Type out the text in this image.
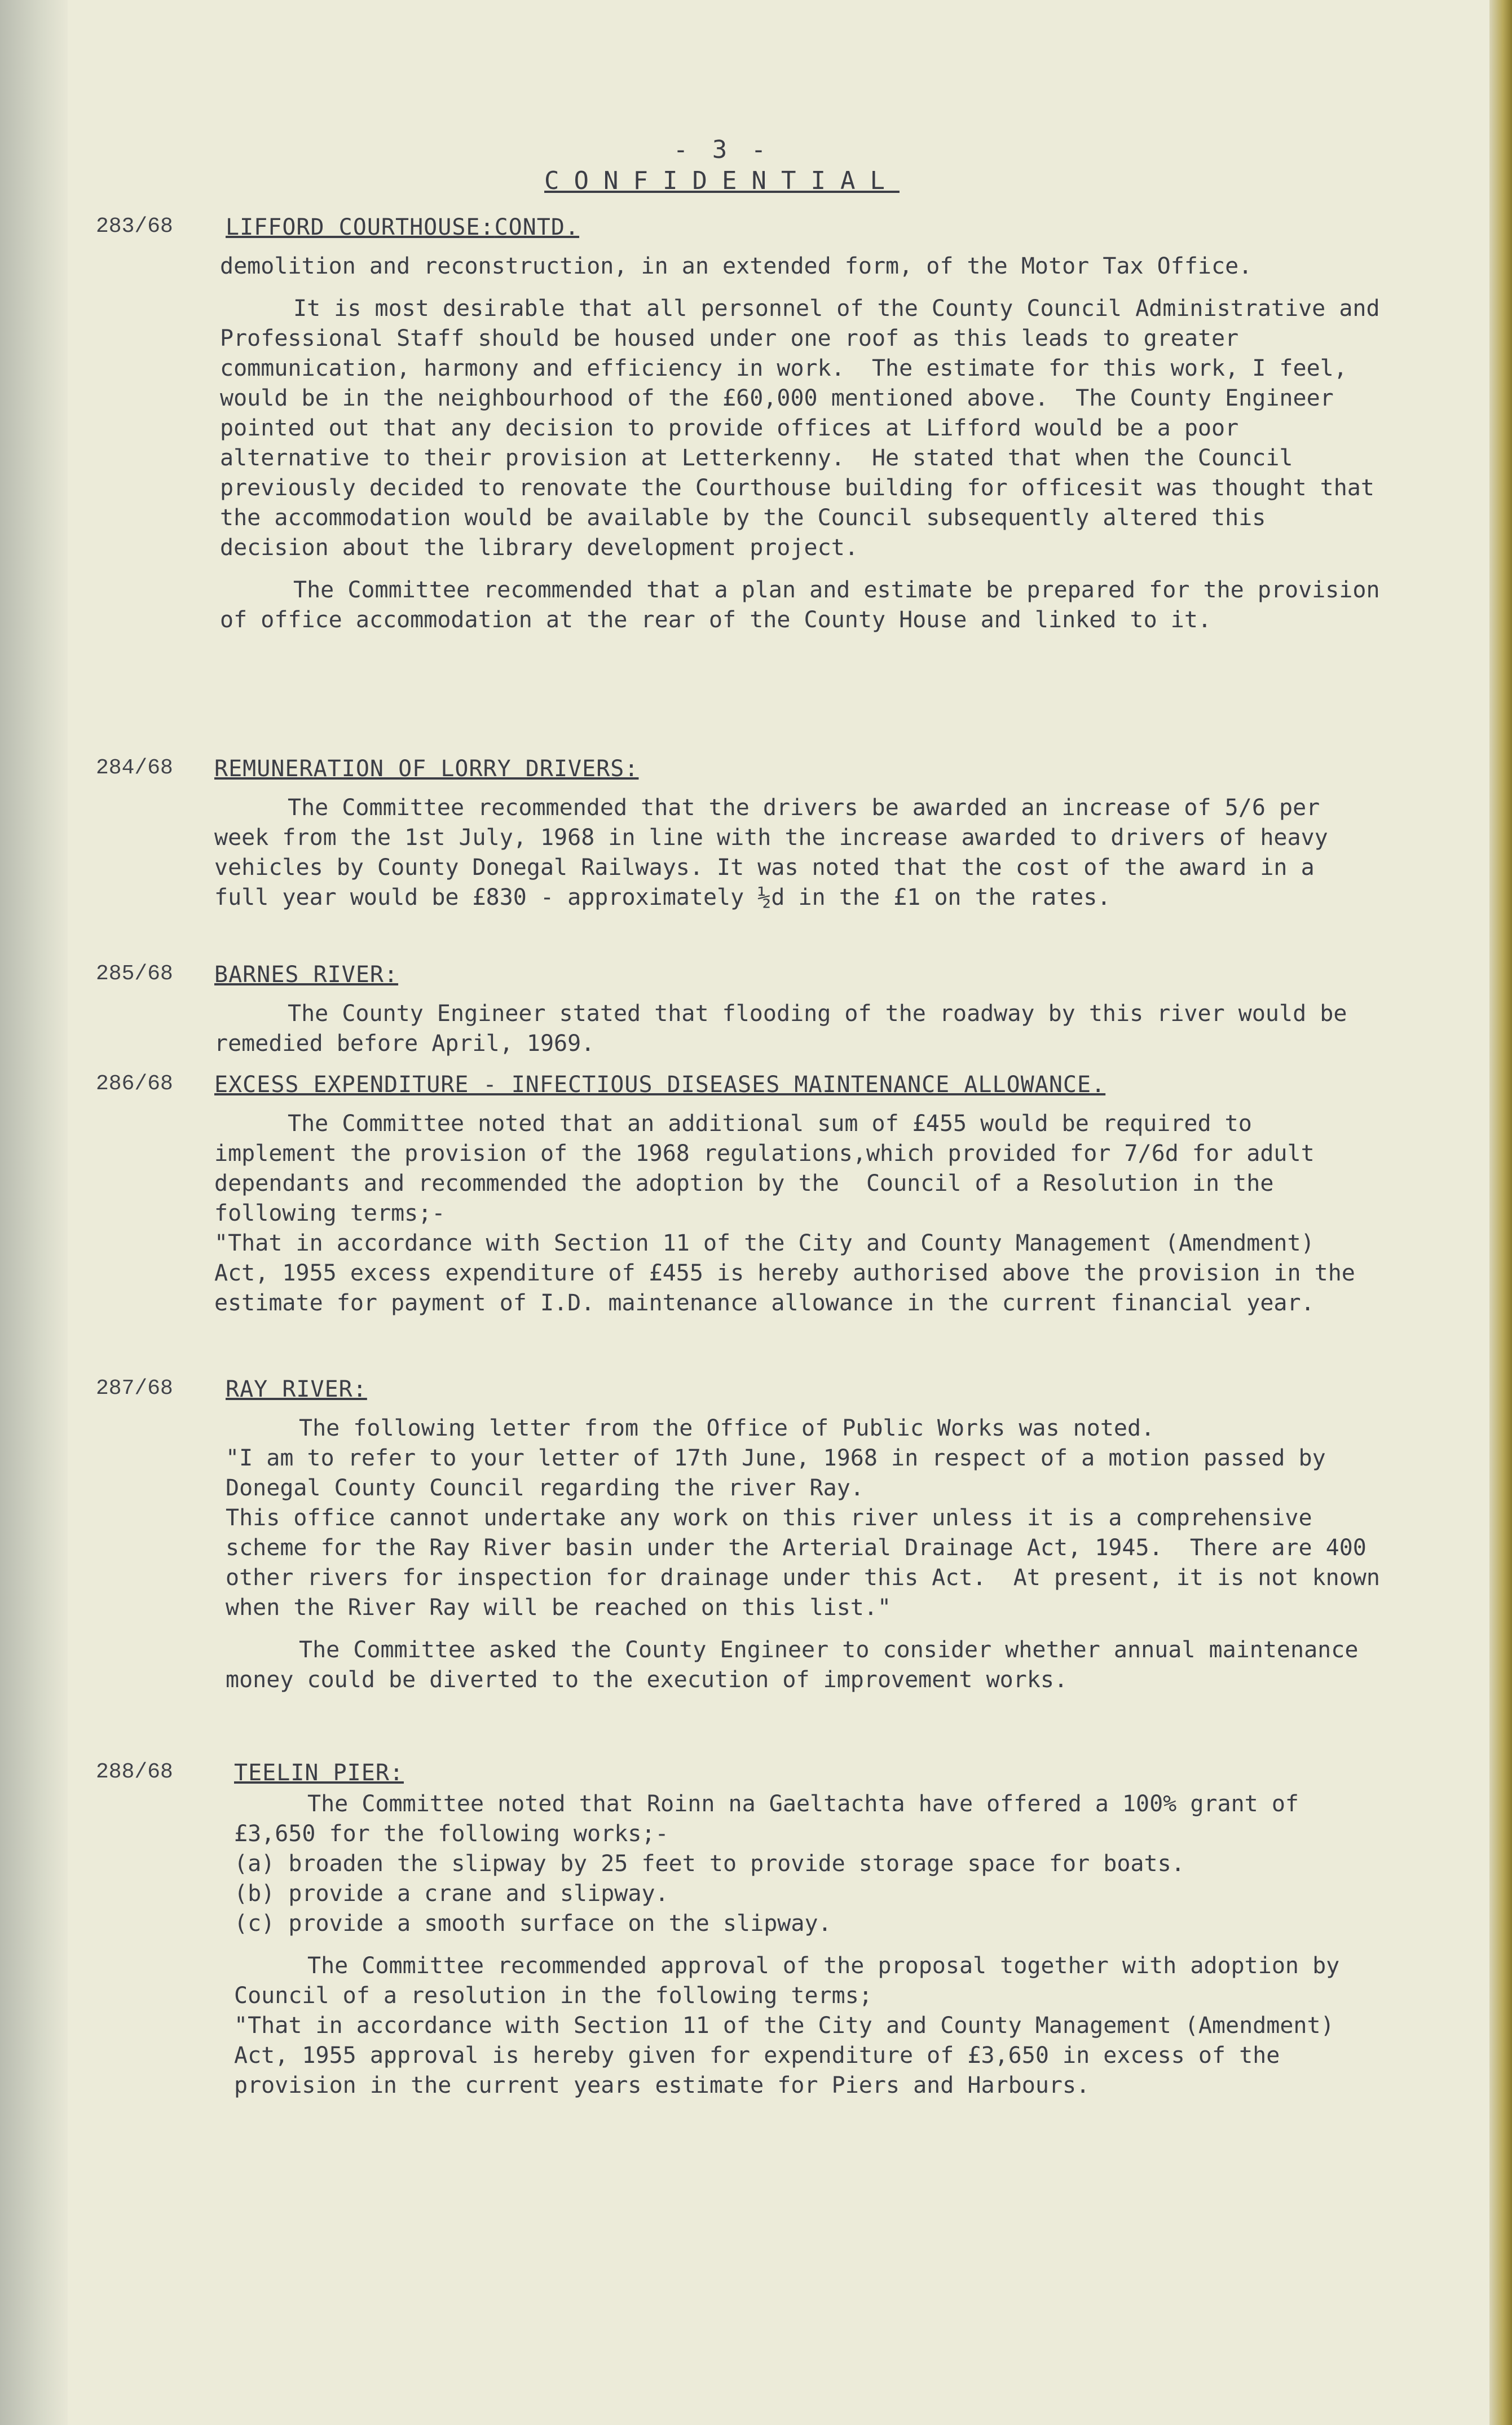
- 3 -
CONFIDENTIAL
283/68	LIFFORD COURTHOUSE:CONTD.

demolition and reconstruction, in an extended form, of the Motor Tax Office.

It is most desirable that all personnel of the County Council Administrative and Professional Staff should be housed under one roof as this leads to greater communication, harmony and efficiency in work.  The estimate for this work, I feel, would be in the neighbourhood of the £60,000 mentioned above.  The County Engineer pointed out that any decision to provide offices at Lifford would be a poor alternative to their provision at Letterkenny.  He stated that when the Council previously decided to renovate the Courthouse building for officesit was thought that the accommodation would be available by the Council subsequently altered this decision about the library development project.

The Committee recommended that a plan and estimate be prepared for the provision of office accommodation at the rear of the County House and linked to it.

284/68	REMUNERATION OF LORRY DRIVERS:

The Committee recommended that the drivers be awarded an increase of 5/6 per week from the 1st July, 1968 in line with the increase awarded to drivers of heavy vehicles by County Donegal Railways. It was noted that the cost of the award in a full year would be £830 - approximately ½d in the £1 on the rates.

285/68	BARNES RIVER:

The County Engineer stated that flooding of the roadway by this river would be remedied before April, 1969.

286/68	EXCESS EXPENDITURE - INFECTIOUS DISEASES MAINTENANCE ALLOWANCE.

The Committee noted that an additional sum of £455 would be required to implement the provision of the 1968 regulations,which provided for 7/6d for adult dependants and recommended the adoption by the  Council of a Resolution in the following terms;-

"That in accordance with Section 11 of the City and County Management (Amendment) Act, 1955 excess expenditure of £455 is hereby authorised above the provision in the estimate for payment of I.D. maintenance allowance in the current financial year.

287/68	RAY RIVER:

The following letter from the Office of Public Works was noted.

"I am to refer to your letter of 17th June, 1968 in respect of a motion passed by Donegal County Council regarding the river Ray.

This office cannot undertake any work on this river unless it is a comprehensive scheme for the Ray River basin under the Arterial Drainage Act, 1945.  There are 400 other rivers for inspection for drainage under this Act.  At present, it is not known when the River Ray will be reached on this list."

The Committee asked the County Engineer to consider whether annual maintenance money could be diverted to the execution of improvement works.

288/68	TEELIN PIER:

The Committee noted that Roinn na Gaeltachta have offered a 100% grant of £3,650 for the following works;-

(a) broaden the slipway by 25 feet to provide storage space for boats.

(b) provide a crane and slipway.

(c) provide a smooth surface on the slipway.

The Committee recommended approval of the proposal together with adoption by Council of a resolution in the following terms;

"That in accordance with Section 11 of the City and County Management (Amendment) Act, 1955 approval is hereby given for expenditure of £3,650 in excess of the provision in the current years estimate for Piers and Harbours.
